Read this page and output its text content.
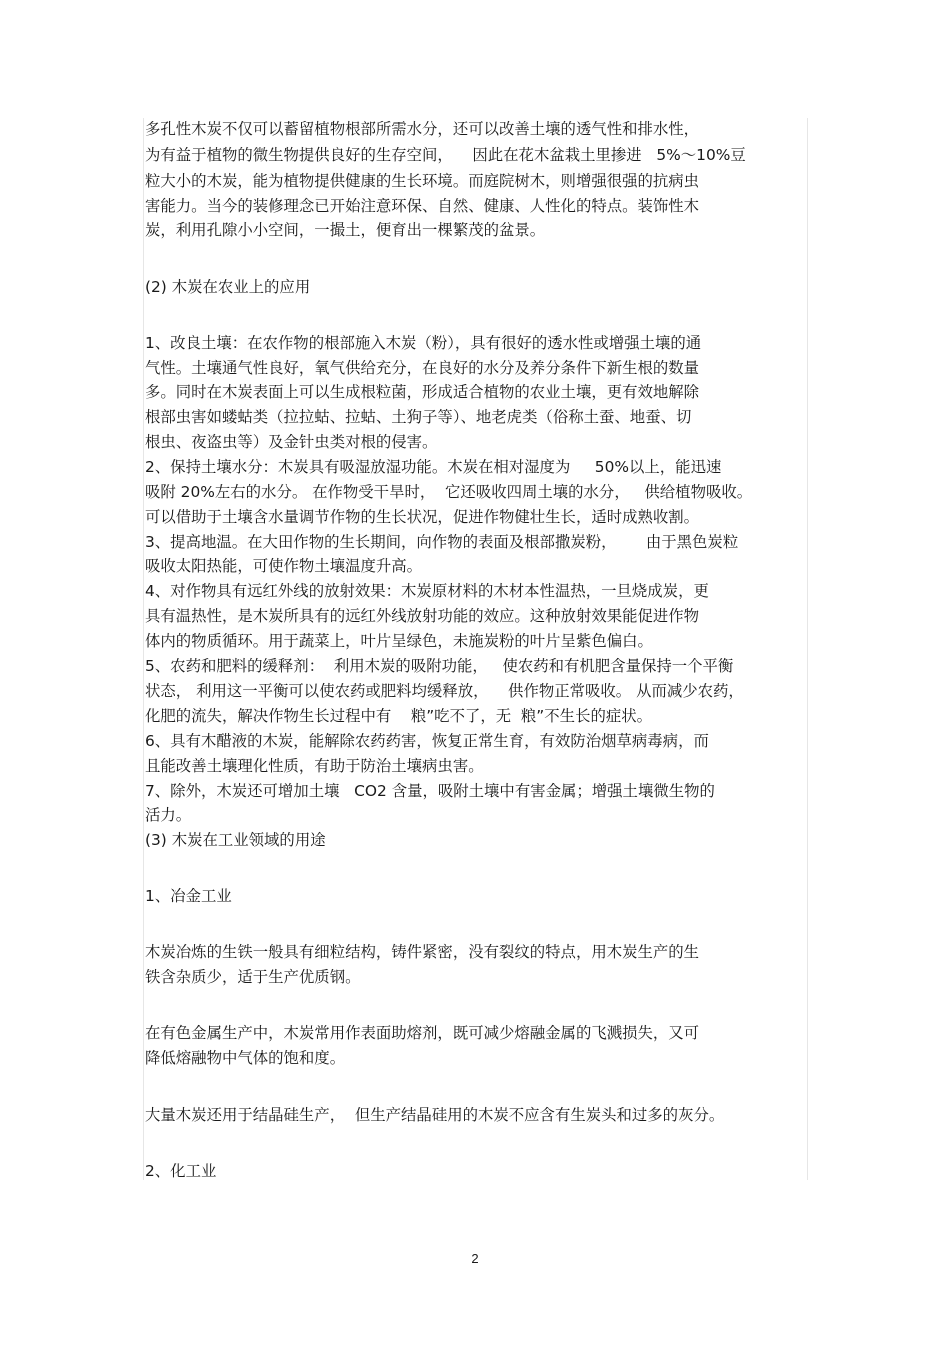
多孔性木炭不仅可以蓄留植物根部所需水分，还可以改善土壤的透气性和排水性，
为有益于植物的微生物提供良好的生存空间，    因此在花木盆栽土里掺进   5%～10%豆
粒大小的木炭，能为植物提供健康的生长环境。而庭院树木，则增强很强的抗病虫
害能力。当今的装修理念已开始注意环保、自然、健康、人性化的特点。装饰性木
炭，利用孔隙小小空间，一撮土，便育出一棵繁茂的盆景。
(2) 木炭在农业上的应用
1、改良土壤：在农作物的根部施入木炭（粉），具有很好的透水性或增强土壤的通
气性。土壤通气性良好，氧气供给充分，在良好的水分及养分条件下新生根的数量
多。同时在木炭表面上可以生成根粒菌，形成适合植物的农业土壤，更有效地解除
根部虫害如蝼蛄类（拉拉蛄、拉蛄、土狗子等）、地老虎类（俗称土蚕、地蚕、切
根虫、夜盗虫等）及金针虫类对根的侵害。
2、保持土壤水分：木炭具有吸湿放湿功能。木炭在相对湿度为     50%以上，能迅速
吸附 20%左右的水分。 在作物受干旱时，  它还吸收四周土壤的水分，   供给植物吸收。
可以借助于土壤含水量调节作物的生长状况，促进作物健壮生长，适时成熟收割。
3、提高地温。在大田作物的生长期间，向作物的表面及根部撒炭粉，      由于黑色炭粒
吸收太阳热能，可使作物土壤温度升高。
4、对作物具有远红外线的放射效果：木炭原材料的木材本性温热，一旦烧成炭，更
具有温热性，是木炭所具有的远红外线放射功能的效应。这种放射效果能促进作物
体内的物质循环。用于蔬菜上，叶片呈绿色，未施炭粉的叶片呈紫色偏白。
5、农药和肥料的缓释剂：  利用木炭的吸附功能，   使农药和有机肥含量保持一个平衡
状态， 利用这一平衡可以使农药或肥料均缓释放，    供作物正常吸收。 从而减少农药，
化肥的流失，解决作物生长过程中有    粮”吃不了，无  粮”不生长的症状。
6、具有木醋液的木炭，能解除农药药害，恢复正常生育，有效防治烟草病毒病，而
且能改善土壤理化性质，有助于防治土壤病虫害。
7、除外，木炭还可增加土壤   CO2 含量，吸附土壤中有害金属；增强土壤微生物的
活力。
(3) 木炭在工业领域的用途
1、冶金工业
木炭冶炼的生铁一般具有细粒结构，铸件紧密，没有裂纹的特点，用木炭生产的生
铁含杂质少，适于生产优质钢。
在有色金属生产中，木炭常用作表面助熔剂，既可减少熔融金属的飞溅损失，又可
降低熔融物中气体的饱和度。
大量木炭还用于结晶硅生产，  但生产结晶硅用的木炭不应含有生炭头和过多的灰分。
2、化工业
2
